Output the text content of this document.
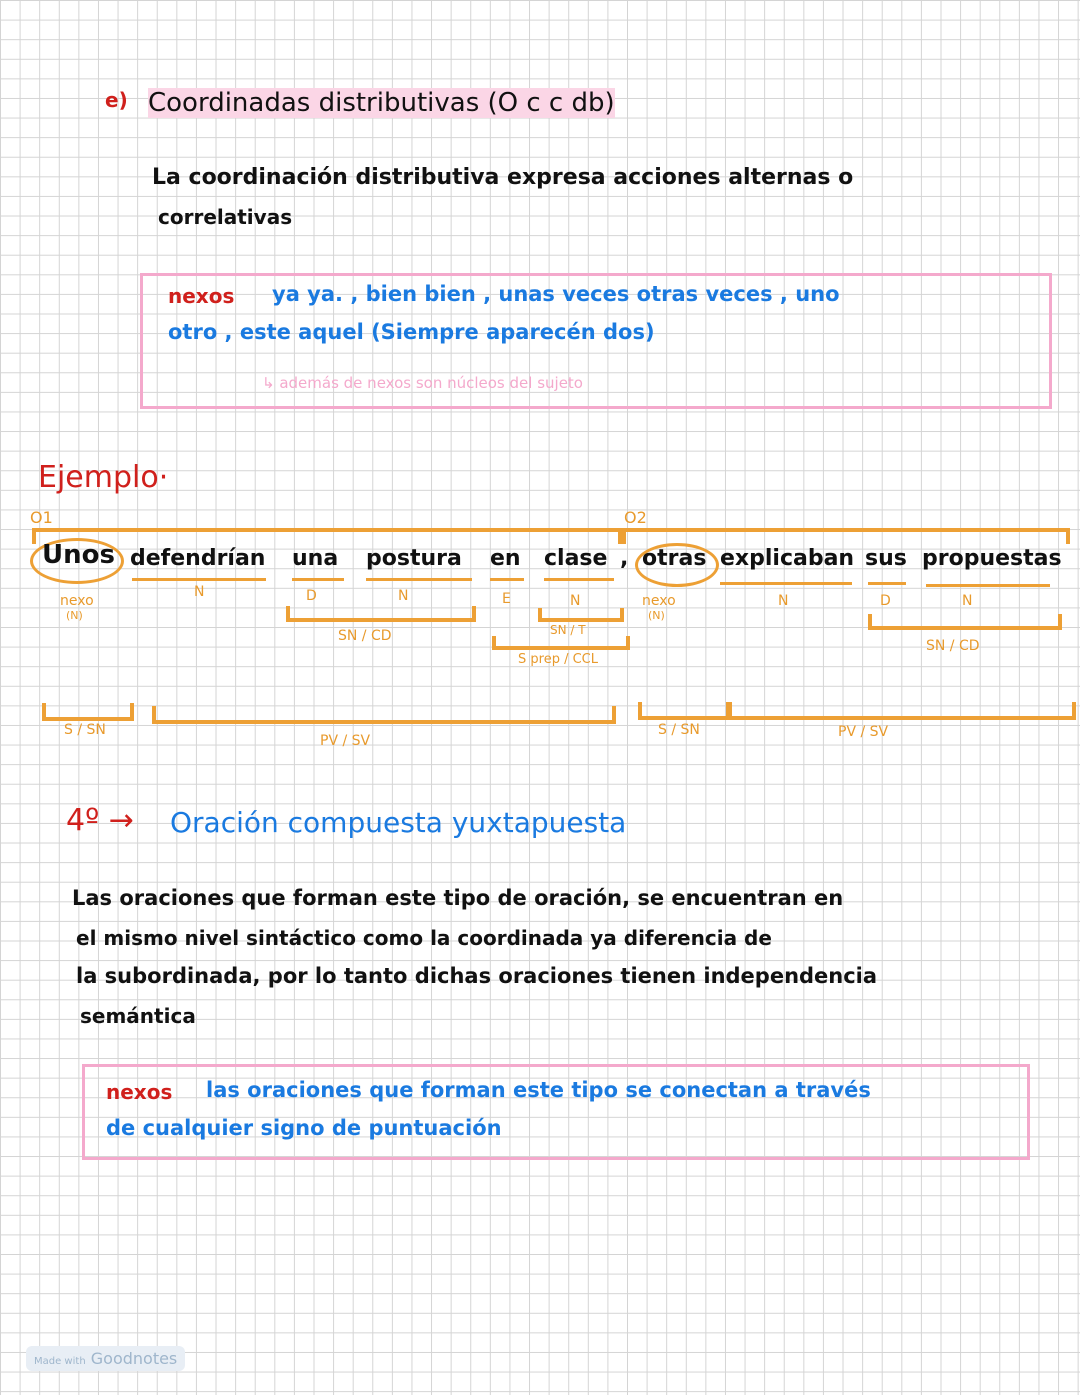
e) Coordinadas distributivas (O c c db)
La coordinación distributiva expresa acciones alternas o
correlativas
nexos ya ya. , bien bien , unas veces otras veces , uno
otro , este aquel (Siempre aparecén dos)
↳ además de nexos son núcleos del sujeto
Ejemplo·
O1	O2
Unos defendrían una postura en clase , otras explicaban sus propuestas
nexo
(N)
N	D	N	E	N
SN / CD	SN / T
S prep / CCL
nexo
(N)
N	D	N
SN / CD
S / SN
PV / SV
S / SN	PV / SV
4º → Oración compuesta yuxtapuesta
Las oraciones que forman este tipo de oración, se encuentran en
el mismo nivel sintáctico como la coordinada ya diferencia de
la subordinada, por lo tanto dichas oraciones tienen independencia
semántica
nexos las oraciones que forman este tipo se conectan a través
de cualquier signo de puntuación
Made with Goodnotes
